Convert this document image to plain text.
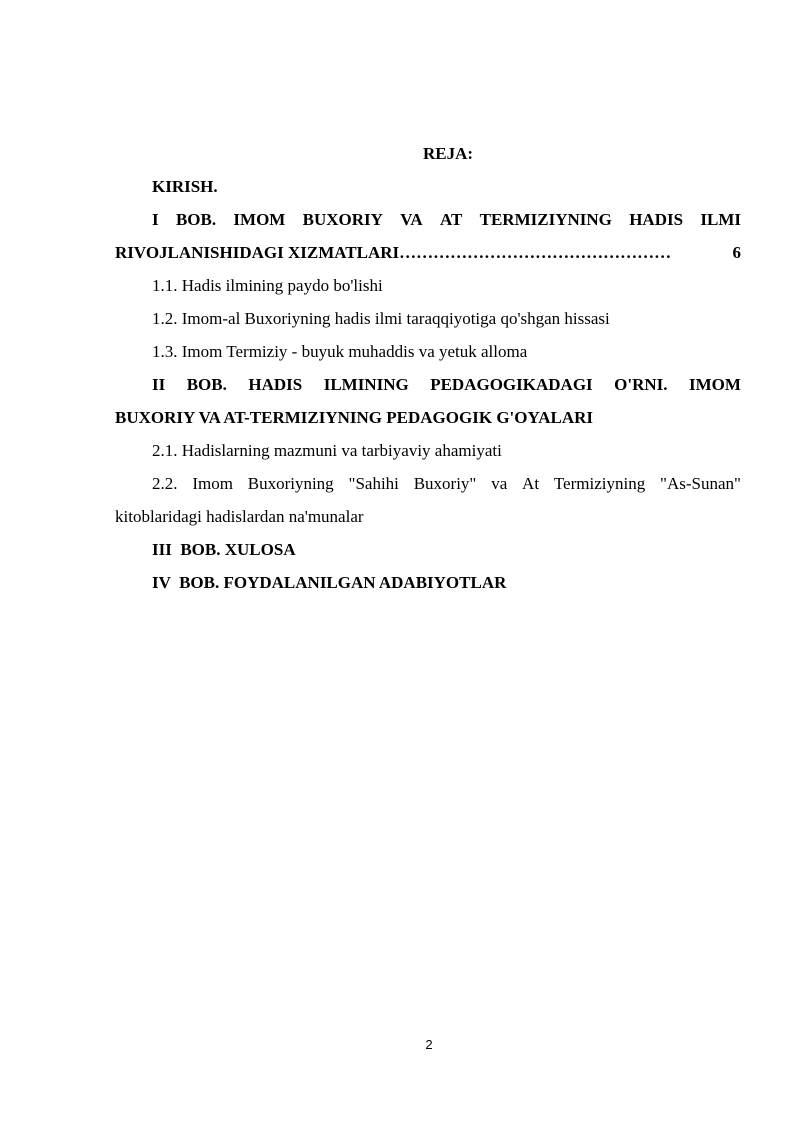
REJA:
KIRISH.
I BOB. IMOM BUXORIY VA AT TERMIZIYNING HADIS ILMI
RIVOJLANISHIDAGI XIZMATLARI …………………………………………	6
1.1. Hadis ilmining paydo bo'lishi
1.2. Imom-al Buxoriyning hadis ilmi taraqqiyotiga qo'shgan hissasi
1.3. Imom Termiziy - buyuk muhaddis va yetuk alloma
II BOB. HADIS ILMINING PEDAGOGIKADAGI O'RNI. IMOM
BUXORIY VA AT-TERMIZIYNING PEDAGOGIK G'OYALARI
2.1. Hadislarning mazmuni va tarbiyaviy ahamiyati
2.2. Imom Buxoriyning "Sahihi Buxoriy" va At Termiziyning "As-Sunan"
kitoblaridagi hadislardan na'munalar
III  BOB. XULOSA
IV  BOB. FOYDALANILGAN ADABIYOTLAR
2
